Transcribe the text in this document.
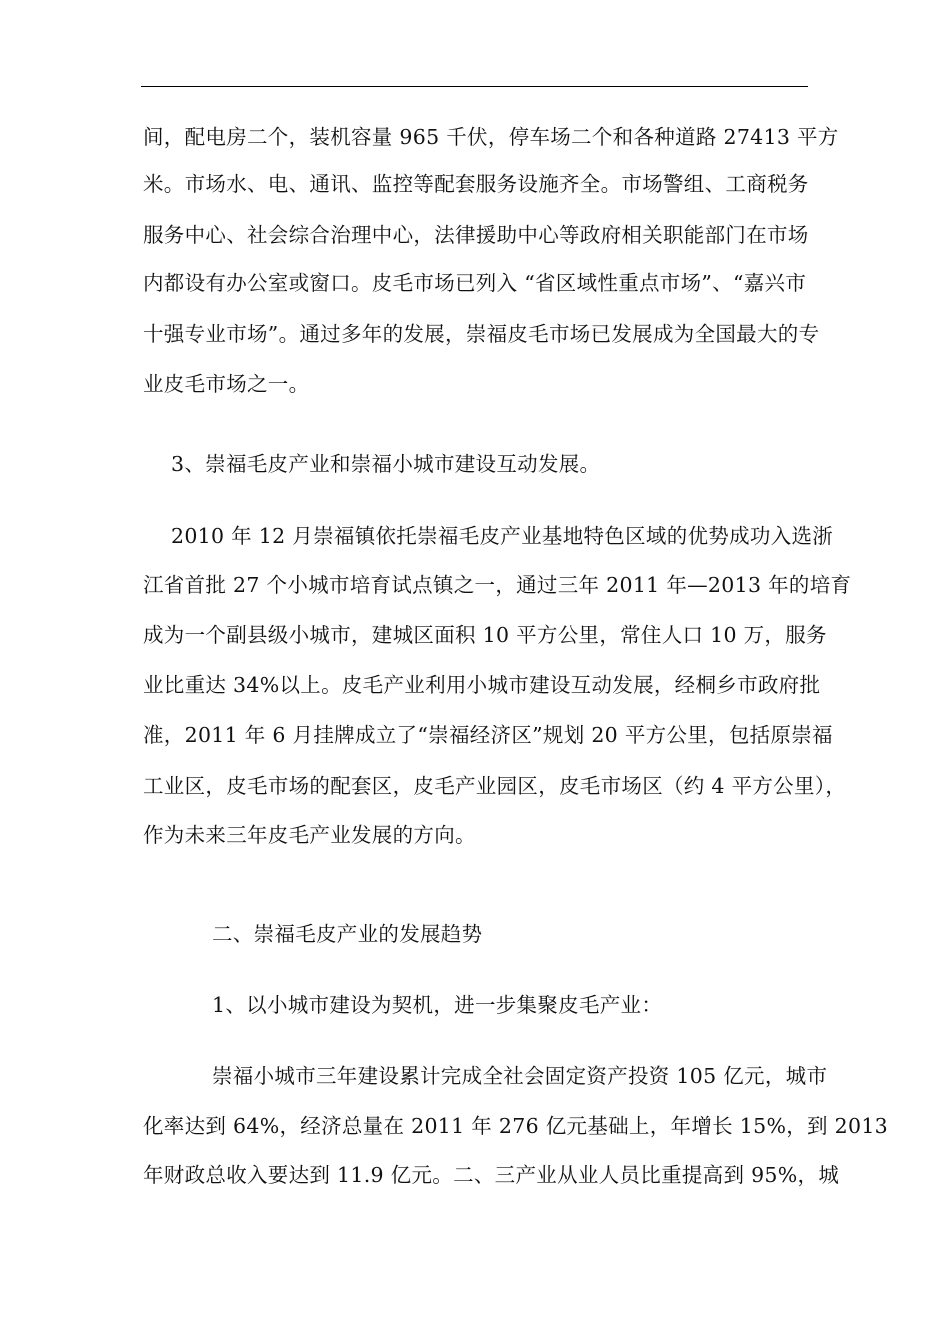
间，配电房二个，装机容量 965 千伏，停车场二个和各种道路 27413 平方
米。市场水、电、通讯、监控等配套服务设施齐全。市场警组、工商税务
服务中心、社会综合治理中心，法律援助中心等政府相关职能部门在市场
内都设有办公室或窗口。皮毛市场已列入 “省区域性重点市场”、“嘉兴市
十强专业市场”。通过多年的发展，崇福皮毛市场已发展成为全国最大的专
业皮毛市场之一。
3、崇福毛皮产业和崇福小城市建设互动发展。
2010 年 12 月崇福镇依托崇福毛皮产业基地特色区域的优势成功入选浙
江省首批 27 个小城市培育试点镇之一，通过三年 2011 年—2013 年的培育
成为一个副县级小城市，建城区面积 10 平方公里，常住人口 10 万，服务
业比重达 34%以上。皮毛产业利用小城市建设互动发展，经桐乡市政府批
准，2011 年 6 月挂牌成立了“崇福经济区”规划 20 平方公里，包括原崇福
工业区，皮毛市场的配套区，皮毛产业园区，皮毛市场区（约 4 平方公里），
作为未来三年皮毛产业发展的方向。
二、崇福毛皮产业的发展趋势
1、以小城市建设为契机，进一步集聚皮毛产业：
崇福小城市三年建设累计完成全社会固定资产投资 105 亿元，城市
化率达到 64%，经济总量在 2011 年 276 亿元基础上，年增长 15%，到 2013
年财政总收入要达到 11.9 亿元。二、三产业从业人员比重提高到 95%，城
